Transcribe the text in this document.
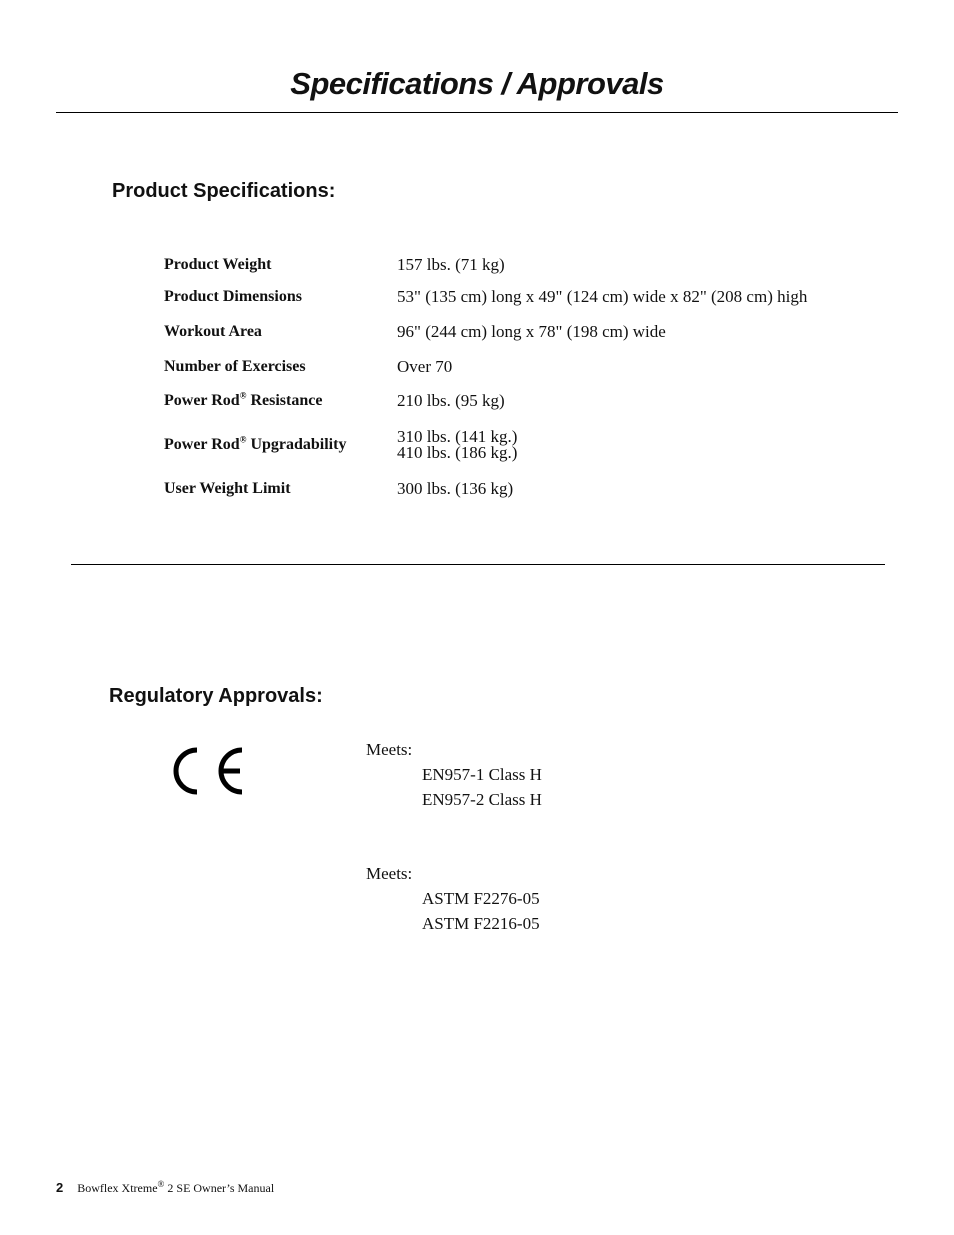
Specifications / Approvals
Product Specifications:
Product Weight	157 lbs. (71 kg)
Product Dimensions	53" (135 cm) long x 49" (124 cm) wide x 82" (208 cm) high
Workout Area	96" (244 cm) long x 78" (198 cm) wide
Number of Exercises	Over 70
Power Rod® Resistance	210 lbs. (95 kg)
Power Rod® Upgradability	310 lbs. (141 kg.)
410 lbs. (186 kg.)
User Weight Limit	300 lbs. (136 kg)
Regulatory Approvals:
Meets:
EN957-1 Class H
EN957-2 Class H
Meets:
ASTM F2276-05
ASTM F2216-05
2 Bowflex Xtreme® 2 SE Owner’s Manual
